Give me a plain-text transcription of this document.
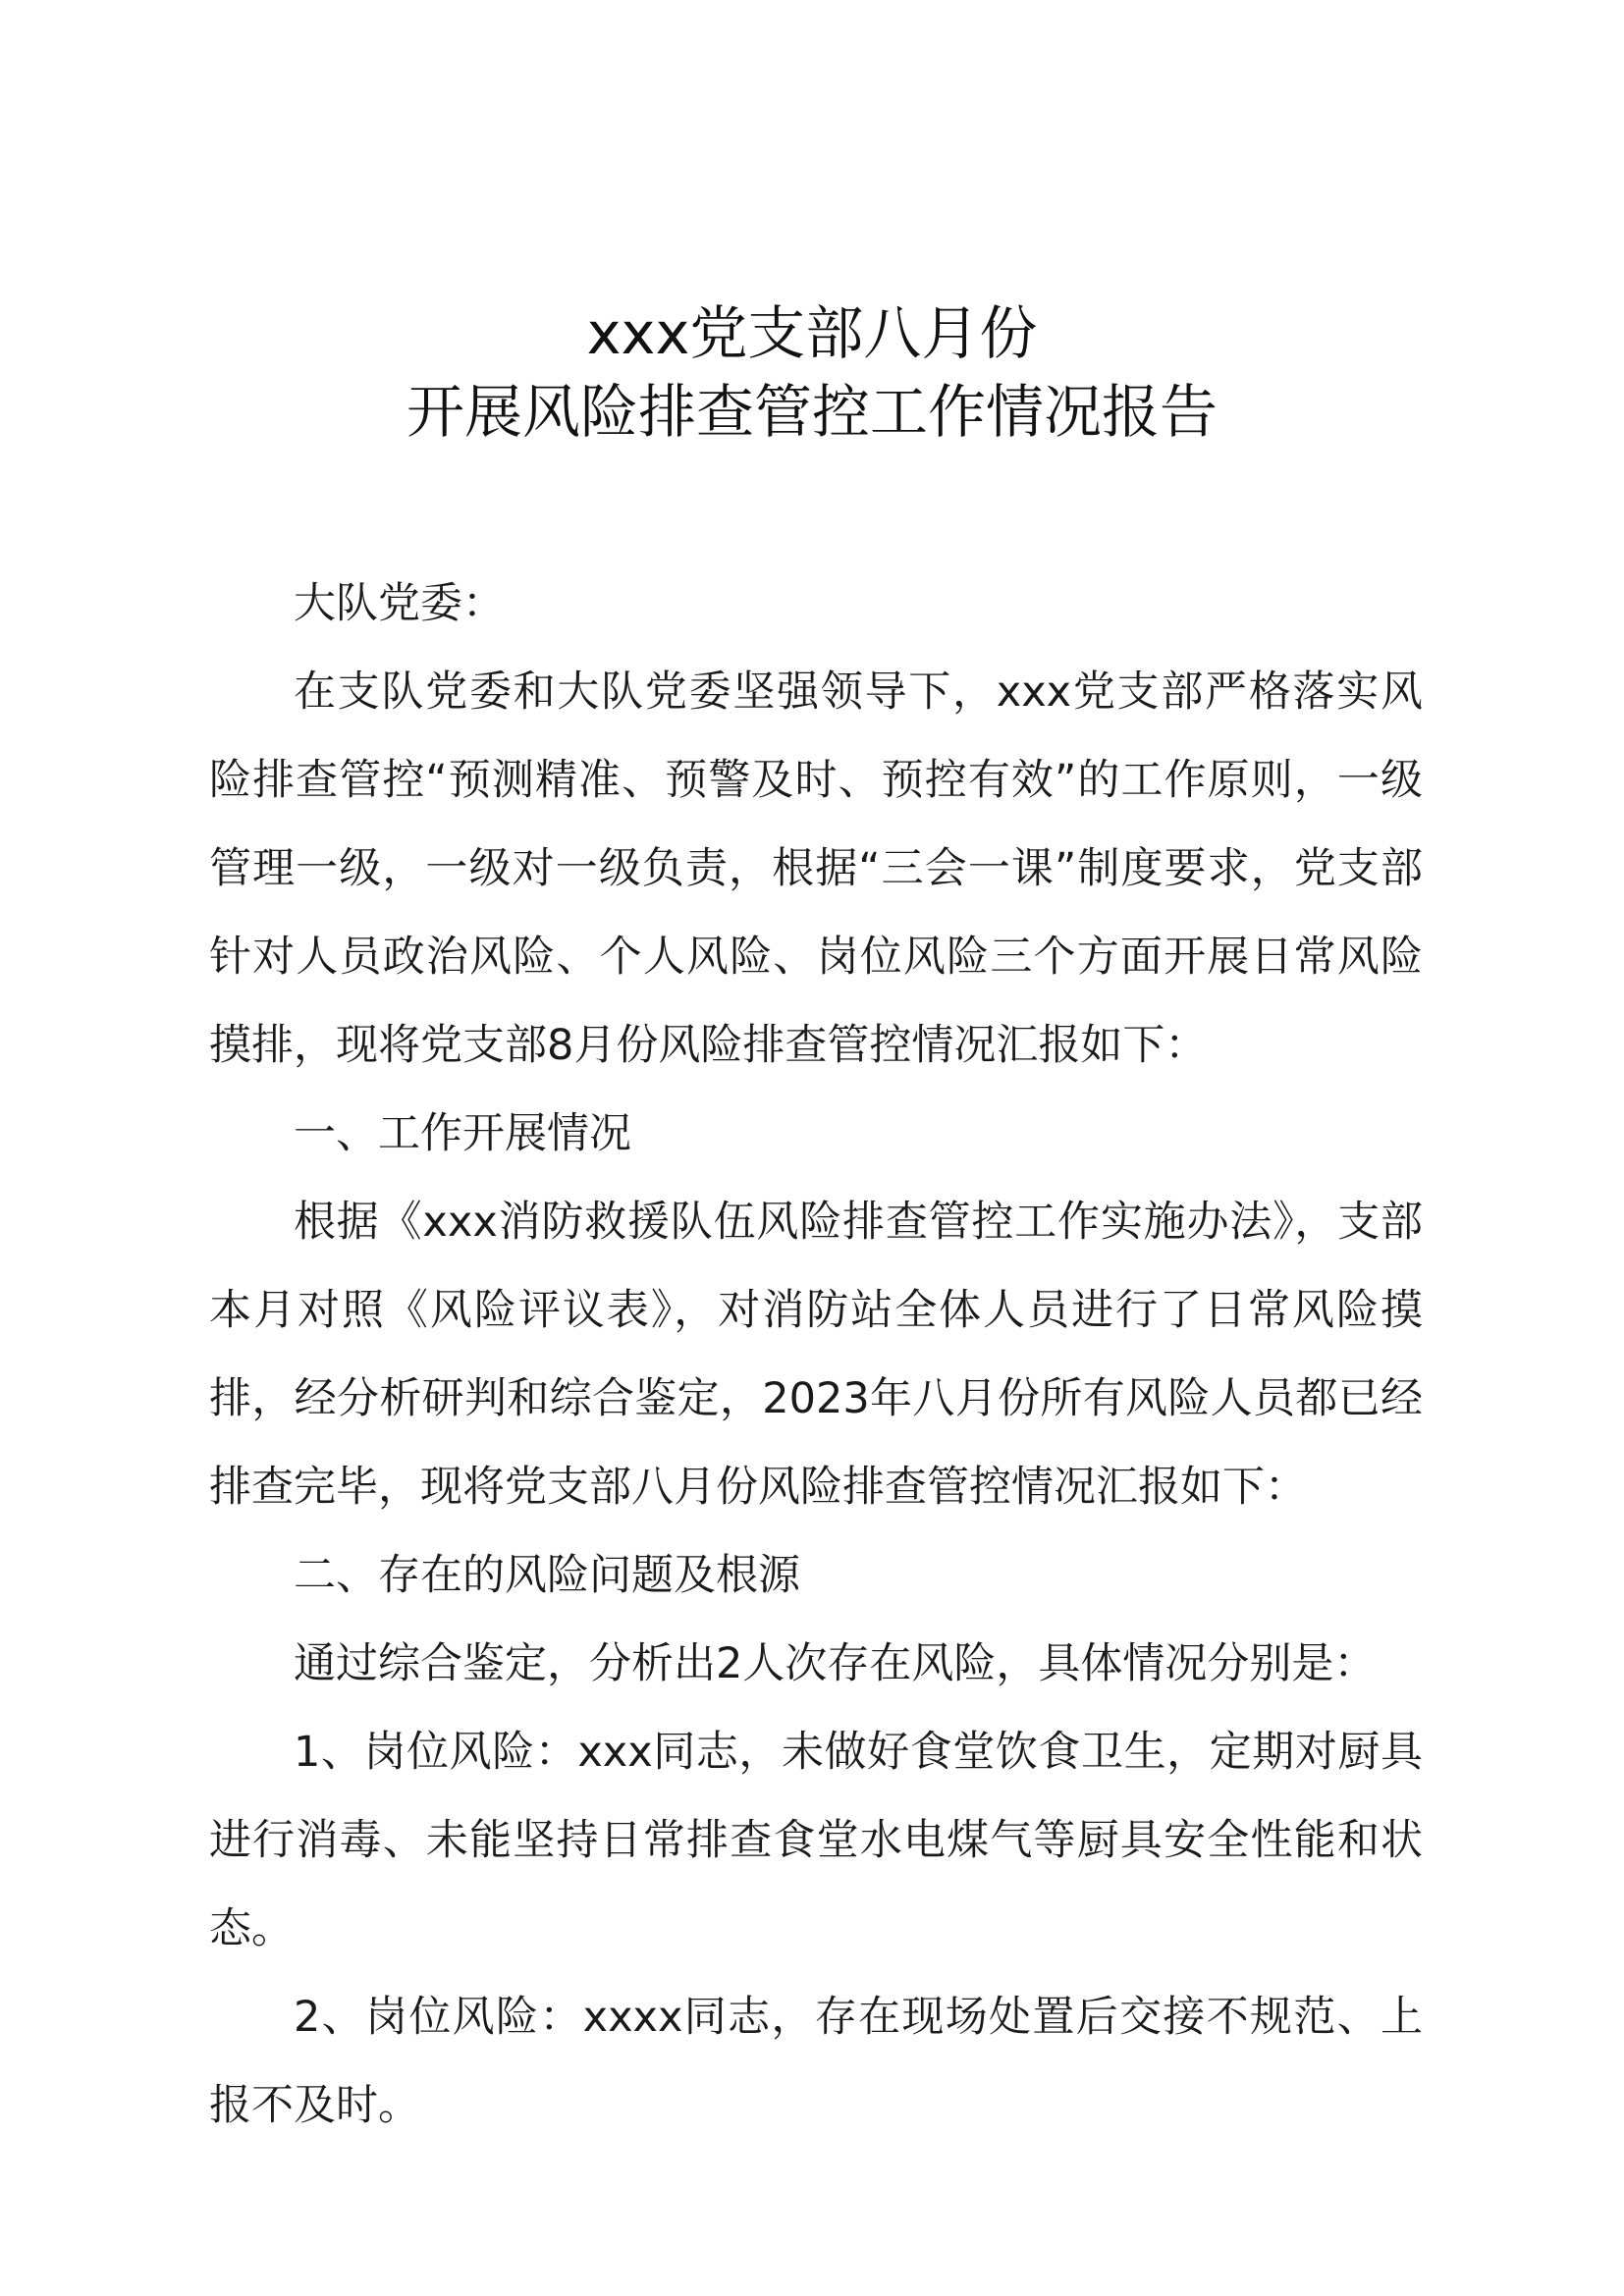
xxx党支部八月份
开展风险排查管控工作情况报告

大队党委：

在支队党委和大队党委坚强领导下，xxx党支部严格落实风险排查管控“预测精准、预警及时、预控有效”的工作原则，一级管理一级，一级对一级负责，根据“三会一课”制度要求，党支部针对人员政治风险、个人风险、岗位风险三个方面开展日常风险摸排，现将党支部8月份风险排查管控情况汇报如下：

一、工作开展情况

根据《xxx消防救援队伍风险排查管控工作实施办法》，支部本月对照《风险评议表》，对消防站全体人员进行了日常风险摸排，经分析研判和综合鉴定，2023年八月份所有风险人员都已经排查完毕，现将党支部八月份风险排查管控情况汇报如下：

二、存在的风险问题及根源

通过综合鉴定，分析出2人次存在风险，具体情况分别是：

1、岗位风险：xxx同志，未做好食堂饮食卫生，定期对厨具进行消毒、未能坚持日常排查食堂水电煤气等厨具安全性能和状态。

2、岗位风险：xxxx同志，存在现场处置后交接不规范、上报不及时。
